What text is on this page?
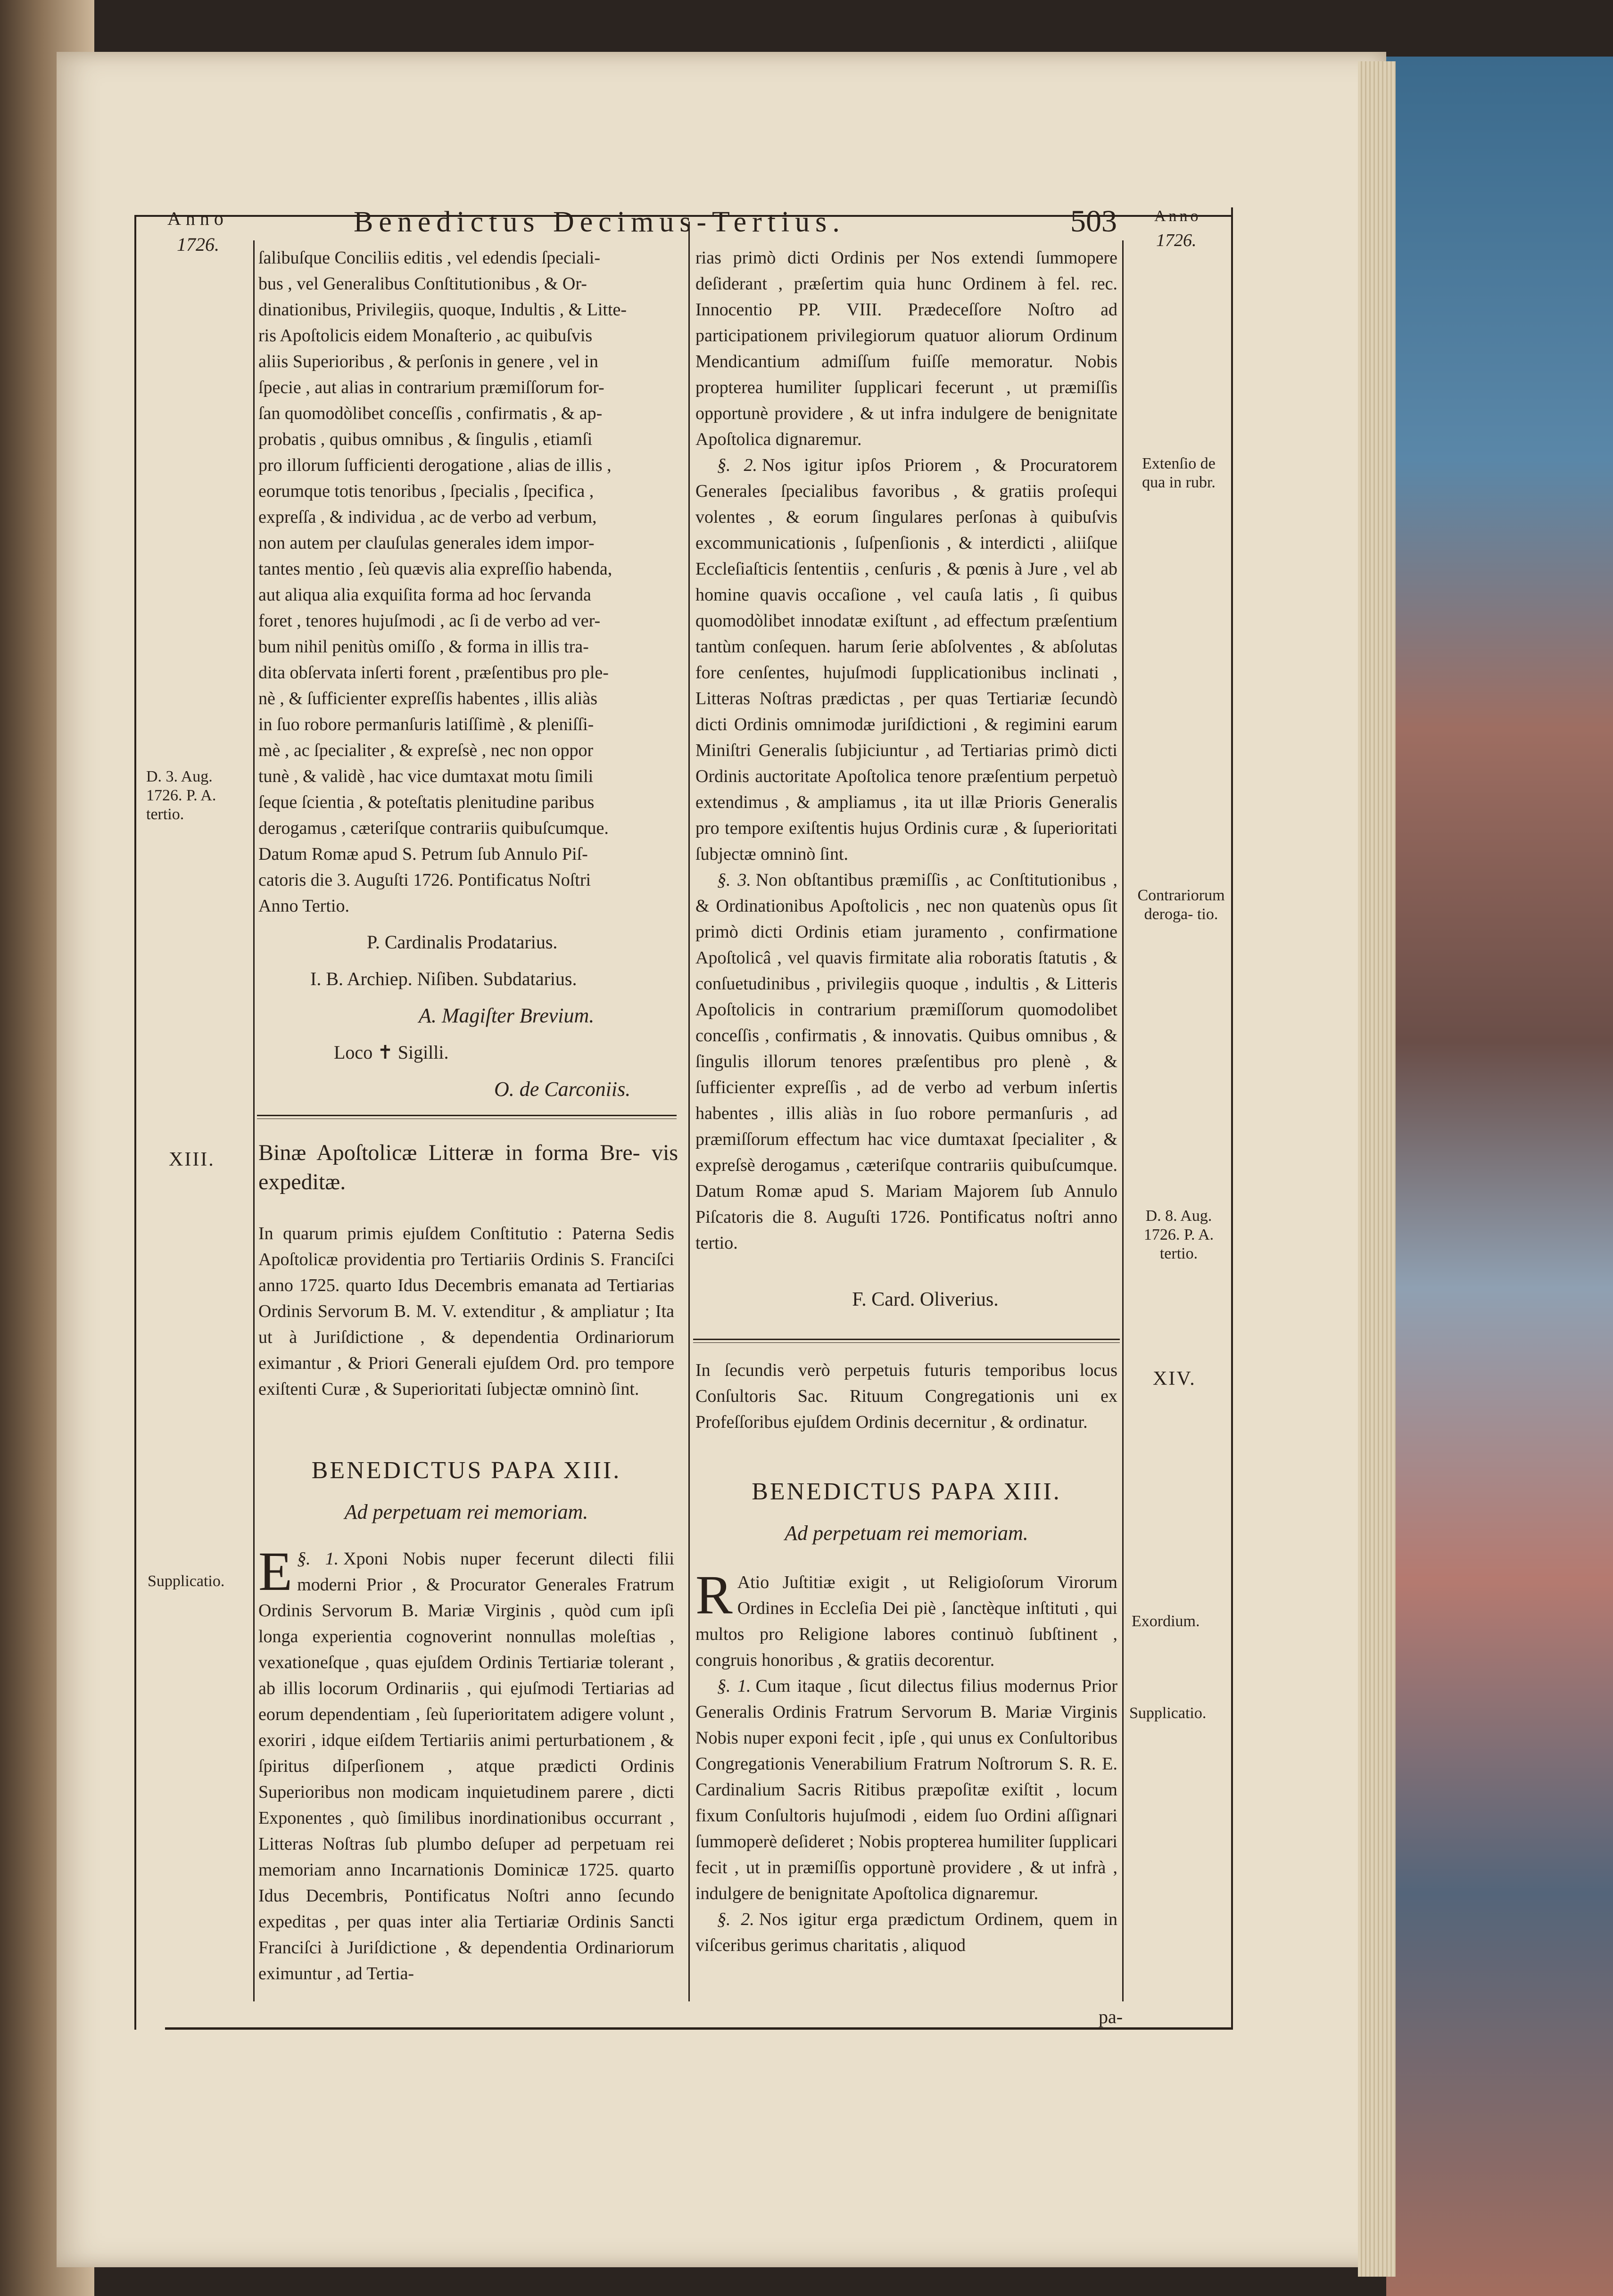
Anno
1726.
Benedictus Decimus-Tertius.	503 Anno
1726.
D. 3. Aug. 1726. P. A. tertio.
XIII.
Supplicatio.
Extenſio de qua in rubr.
Contrariorum deroga- tio.
D. 8. Aug. 1726. P. A. tertio.
XIV.
Exordium.
Supplicatio.
ſalibuſque Conciliis editis , vel edendis ſpeciali-
bus , vel Generalibus Conſtitutionibus , & Or-
dinationibus, Privilegiis, quoque, Indultis , & Litte-
ris Apoſtolicis eidem Monaſterio , ac quibuſvis
aliis Superioribus , & perſonis in genere , vel in
ſpecie , aut alias in contrarium præmiſſorum for-
ſan quomodòlibet conceſſis , confirmatis , & ap-
probatis , quibus omnibus , & ſingulis , etiamſi
pro illorum ſufficienti derogatione , alias de illis ,
eorumque totis tenoribus , ſpecialis , ſpecifica ,
expreſſa , & individua , ac de verbo ad verbum,
non autem per clauſulas generales idem impor-
tantes mentio , ſeù quævis alia expreſſio habenda,
aut aliqua alia exquiſita forma ad hoc ſervanda
foret , tenores hujuſmodi , ac ſi de verbo ad ver-
bum nihil penitùs omiſſo , & forma in illis tra-
dita obſervata inſerti forent , præſentibus pro ple-
nè , & ſufficienter expreſſis habentes , illis aliàs
in ſuo robore permanſuris latiſſimè , & pleniſſi-
mè , ac ſpecialiter , & expreſsè , nec non oppor
tunè , & validè , hac vice dumtaxat motu ſimili
ſeque ſcientia , & poteſtatis plenitudine paribus
derogamus , cæteriſque contrariis quibuſcumque.
Datum Romæ apud S. Petrum ſub Annulo Piſ-
catoris die 3. Auguſti 1726. Pontificatus Noſtri
Anno Tertio.

P. Cardinalis Prodatarius.

I. B. Archiep. Niſiben. Subdatarius.

A. Magiſter Brevium.

Loco ✝ Sigilli.

O. de Carconiis.

Binæ Apoſtolicæ Litteræ in forma Bre- vis expeditæ.

In quarum primis ejuſdem Conſtitutio : Paterna Sedis Apoſtolicæ providentia pro Tertiariis Ordinis S. Franciſci anno 1725. quarto Idus Decembris emanata ad Tertiarias Ordinis Servorum B. M. V. extenditur , & ampliatur ; Ita ut à Juriſdictione , & dependentia Ordinariorum eximantur , & Priori Generali ejuſdem Ord. pro tempore exiſtenti Curæ , & Superioritati ſubjectæ omninò ſint.

BENEDICTUS PAPA XIII.
Ad perpetuam rei memoriam.

§. 1.
E	Xponi Nobis nuper fecerunt dilecti filii moderni Prior , & Procurator Generales Fratrum Ordinis Servorum B. Mariæ Virginis , quòd cum ipſi longa experientia cognoverint nonnullas moleſtias , vexationeſque , quas ejuſdem Ordinis Tertiariæ tolerant , ab illis locorum Ordinariis , qui ejuſmodi Tertiarias ad eorum dependentiam , ſeù ſuperioritatem adigere volunt , exoriri , idque eiſdem Tertiariis animi perturbationem , & ſpiritus diſperſionem , atque prædicti Ordinis Superioribus non modicam inquietudinem parere , dicti Exponentes , quò ſimilibus inordinationibus occurrant , Litteras Noſtras ſub plumbo deſuper ad perpetuam rei memoriam anno Incarnationis Dominicæ 1725. quarto Idus Decembris, Pontificatus Noſtri anno ſecundo expeditas , per quas inter alia Tertiariæ Ordinis Sancti Franciſci à Juriſdictione , & dependentia Ordinariorum eximuntur , ad Tertia-

rias primò dicti Ordinis per Nos extendi ſummopere deſiderant , præſertim quia hunc Ordinem à fel. rec. Innocentio PP. VIII. Prædeceſſore Noſtro ad participationem privilegiorum quatuor aliorum Ordinum Mendicantium admiſſum fuiſſe memoratur. Nobis propterea humiliter ſupplicari fecerunt , ut præmiſſis opportunè providere , & ut infra indulgere de benignitate Apoſtolica dignaremur.

§. 2. Nos igitur ipſos Priorem , & Procuratorem Generales ſpecialibus favoribus , & gratiis proſequi volentes , & eorum ſingulares perſonas à quibuſvis excommunicationis , ſuſpenſionis , & interdicti , aliiſque Eccleſiaſticis ſententiis , cenſuris , & pœnis à Jure , vel ab homine quavis occaſione , vel cauſa latis , ſi quibus quomodòlibet innodatæ exiſtunt , ad effectum præſentium tantùm conſequen. harum ſerie abſolventes , & abſolutas fore cenſentes, hujuſmodi ſupplicationibus inclinati , Litteras Noſtras prædictas , per quas Tertiariæ ſecundò dicti Ordinis omnimodæ juriſdictioni , & regimini earum Miniſtri Generalis ſubjiciuntur , ad Tertiarias primò dicti Ordinis auctoritate Apoſtolica tenore præſentium perpetuò extendimus , & ampliamus , ita ut illæ Prioris Generalis pro tempore exiſtentis hujus Ordinis curæ , & ſuperioritati ſubjectæ omninò ſint.

§. 3. Non obſtantibus præmiſſis , ac Conſtitutionibus , & Ordinationibus Apoſtolicis , nec non quatenùs opus ſit primò dicti Ordinis etiam juramento , confirmatione Apoſtolicâ , vel quavis firmitate alia roboratis ſtatutis , & conſuetudinibus , privilegiis quoque , indultis , & Litteris Apoſtolicis in contrarium præmiſſorum quomodolibet conceſſis , confirmatis , & innovatis. Quibus omnibus , & ſingulis illorum tenores præſentibus pro plenè , & ſufficienter expreſſis , ad de verbo ad verbum inſertis habentes , illis aliàs in ſuo robore permanſuris , ad præmiſſorum effectum hac vice dumtaxat ſpecialiter , & expreſsè derogamus , cæteriſque contrariis quibuſcumque. Datum Romæ apud S. Mariam Majorem ſub Annulo Piſcatoris die 8. Auguſti 1726. Pontificatus noſtri anno tertio.

F. Card. Oliverius.

In ſecundis verò perpetuis futuris temporibus locus Conſultoris Sac. Rituum Congregationis uni ex Profeſſoribus ejuſdem Ordinis decernitur , & ordinatur.

BENEDICTUS PAPA XIII.
Ad perpetuam rei memoriam.

R Atio Juſtitiæ exigit , ut Religioſorum Virorum Ordines in Eccleſia Dei piè , ſanctèque inſtituti , qui multos pro Religione labores continuò ſubſtinent , congruis honoribus , & gratiis decorentur.

§. 1. Cum itaque , ſicut dilectus filius modernus Prior Generalis Ordinis Fratrum Servorum B. Mariæ Virginis Nobis nuper exponi fecit , ipſe , qui unus ex Conſultoribus Congregationis Venerabilium Fratrum Noſtrorum S. R. E. Cardinalium Sacris Ritibus præpoſitæ exiſtit , locum fixum Conſultoris hujuſmodi , eidem ſuo Ordini aſſignari ſummoperè deſideret ; Nobis propterea humiliter ſupplicari fecit , ut in præmiſſis opportunè providere , & ut infrà , indulgere de benignitate Apoſtolica dignaremur.

§. 2. Nos igitur erga prædictum Ordinem, quem in viſceribus gerimus charitatis , aliquod

pa-
